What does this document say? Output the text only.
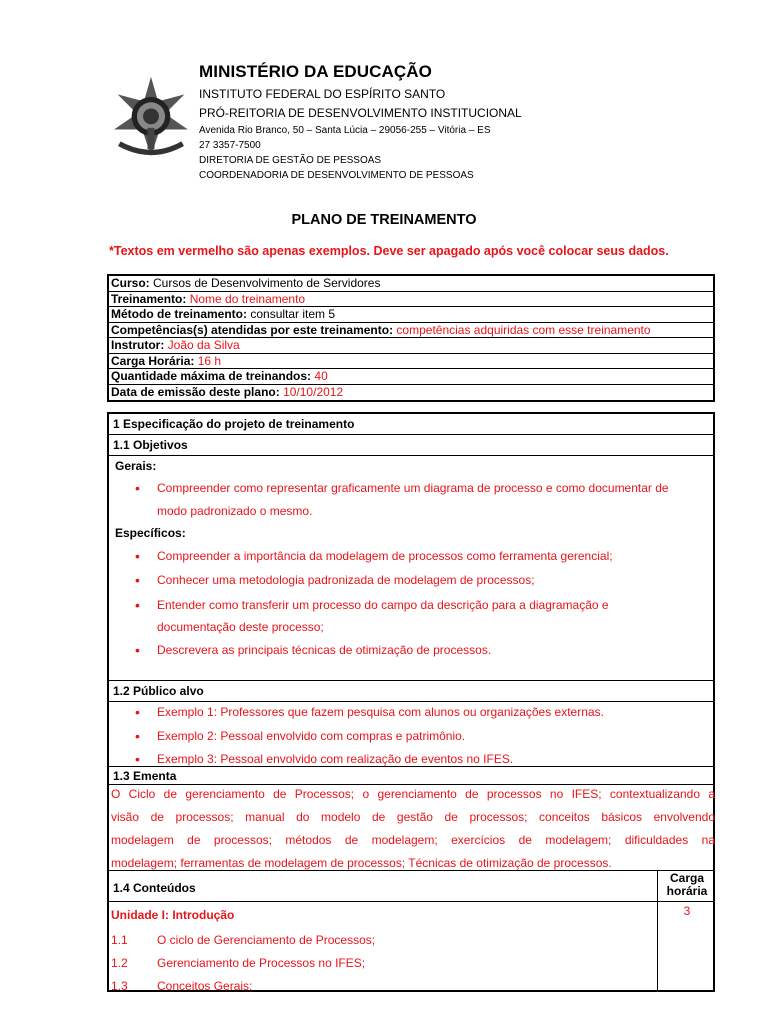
MINISTÉRIO DA EDUCAÇÃO
INSTITUTO FEDERAL DO ESPÍRITO SANTO
PRÓ-REITORIA DE DESENVOLVIMENTO INSTITUCIONAL
Avenida Rio Branco, 50 – Santa Lúcia – 29056-255 – Vitória – ES
27 3357-7500
DIRETORIA DE GESTÃO DE PESSOAS
COORDENADORIA DE DESENVOLVIMENTO DE PESSOAS
PLANO DE TREINAMENTO
*Textos em vermelho são apenas exemplos. Deve ser apagado após você colocar seus dados.
Curso: Cursos de Desenvolvimento de Servidores
Treinamento: Nome do treinamento
Método de treinamento: consultar item 5
Competências(s) atendidas por este treinamento: competências adquiridas com esse treinamento
Instrutor: João da Silva
Carga Horária: 16 h
Quantidade máxima de treinandos: 40
Data de emissão deste plano: 10/10/2012
1 Especificação do projeto de treinamento
1.1 Objetivos
Gerais:
• Compreender como representar graficamente um diagrama de processo e como documentar de
modo padronizado o mesmo.
Específicos:
• Compreender a importância da modelagem de processos como ferramenta gerencial;
• Conhecer uma metodologia padronizada de modelagem de processos;
• Entender como transferir um processo do campo da descrição para a diagramação e
documentação deste processo;
• Descrevera as principais técnicas de otimização de processos.
1.2 Público alvo
• Exemplo 1: Professores que fazem pesquisa com alunos ou organizações externas.
• Exemplo 2: Pessoal envolvido com compras e patrimônio.
• Exemplo 3: Pessoal envolvido com realização de eventos no IFES.
1.3 Ementa
O Ciclo de gerenciamento de Processos; o gerenciamento de processos no IFES; contextualizando a
visão de processos; manual do modelo de gestão de processos; conceitos básicos envolvendo
modelagem de processos; métodos de modelagem; exercícios de modelagem; dificuldades na
modelagem; ferramentas de modelagem de processos; Técnicas de otimização de processos.
1.4 Conteúdos
Carga horária
Unidade I: Introdução	3
1.1 O ciclo de Gerenciamento de Processos;
1.2 Gerenciamento de Processos no IFES;
1.3 Conceitos Gerais;
